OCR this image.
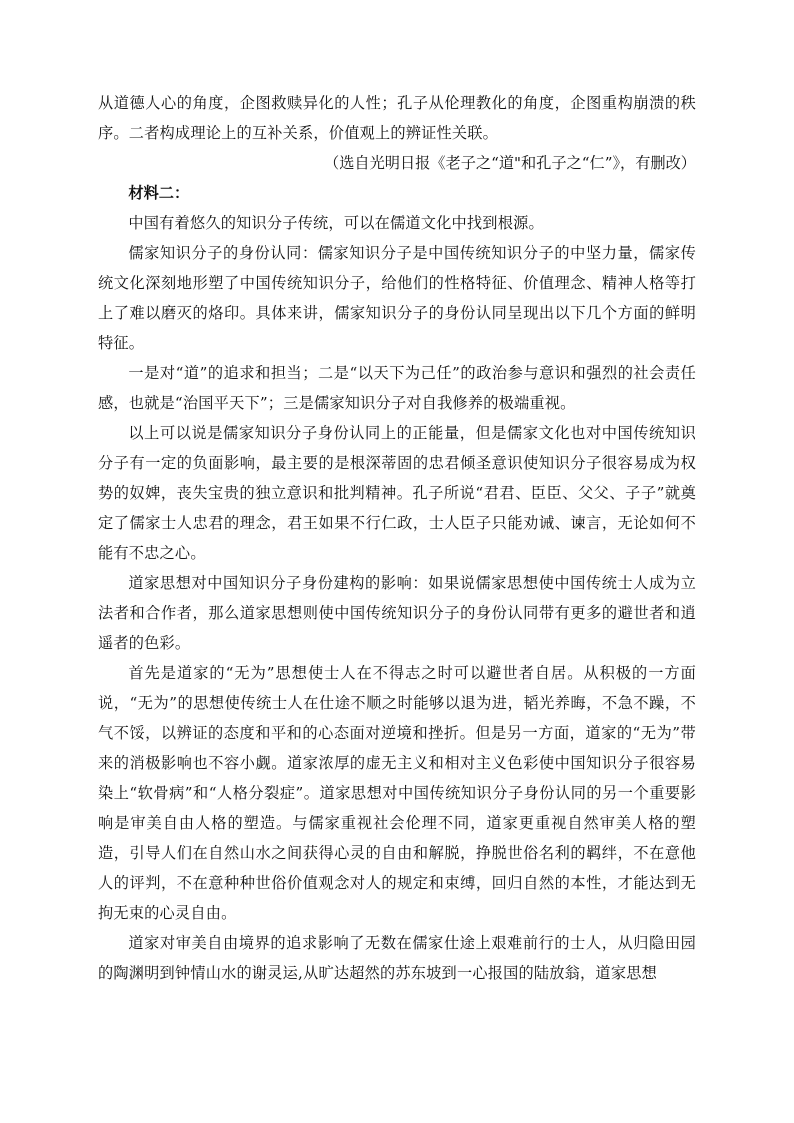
从道德人心的角度，企图救赎异化的人性；孔子从伦理教化的角度，企图重构崩溃的秩序。二者构成理论上的互补关系，价值观上的辨证性关联。

（选自光明日报《老子之“道"和孔子之“仁”》，有删改）

材料二：

中国有着悠久的知识分子传统，可以在儒道文化中找到根源。

儒家知识分子的身份认同：儒家知识分子是中国传统知识分子的中坚力量，儒家传统文化深刻地形塑了中国传统知识分子，给他们的性格特征、价值理念、精神人格等打上了难以磨灭的烙印。具体来讲，儒家知识分子的身份认同呈现出以下几个方面的鲜明特征。

一是对“道”的追求和担当；二是“以天下为己任”的政治参与意识和强烈的社会责任感，也就是“治国平天下”；三是儒家知识分子对自我修养的极端重视。

以上可以说是儒家知识分子身份认同上的正能量，但是儒家文化也对中国传统知识分子有一定的负面影响，最主要的是根深蒂固的忠君倾圣意识使知识分子很容易成为权势的奴婢，丧失宝贵的独立意识和批判精神。孔子所说“君君、臣臣、父父、子子”就奠定了儒家士人忠君的理念，君王如果不行仁政，士人臣子只能劝诫、谏言，无论如何不能有不忠之心。

道家思想对中国知识分子身份建构的影响：如果说儒家思想使中国传统士人成为立法者和合作者，那么道家思想则使中国传统知识分子的身份认同带有更多的避世者和逍遥者的色彩。

首先是道家的“无为”思想使士人在不得志之时可以避世者自居。从积极的一方面说，“无为”的思想使传统士人在仕途不顺之时能够以退为进，韬光养晦，不急不躁，不气不馁，以辨证的态度和平和的心态面对逆境和挫折。但是另一方面，道家的“无为”带来的消极影响也不容小觑。道家浓厚的虚无主义和相对主义色彩使中国知识分子很容易染上“软骨病”和“人格分裂症”。道家思想对中国传统知识分子身份认同的另一个重要影响是审美自由人格的塑造。与儒家重视社会伦理不同，道家更重视自然审美人格的塑造，引导人们在自然山水之间获得心灵的自由和解脱，挣脱世俗名利的羁绊，不在意他人的评判，不在意种种世俗价值观念对人的规定和束缚，回归自然的本性，才能达到无拘无束的心灵自由。

道家对审美自由境界的追求影响了无数在儒家仕途上艰难前行的士人，从归隐田园的陶渊明到钟情山水的谢灵运,从旷达超然的苏东坡到一心报国的陆放翁，道家思想
